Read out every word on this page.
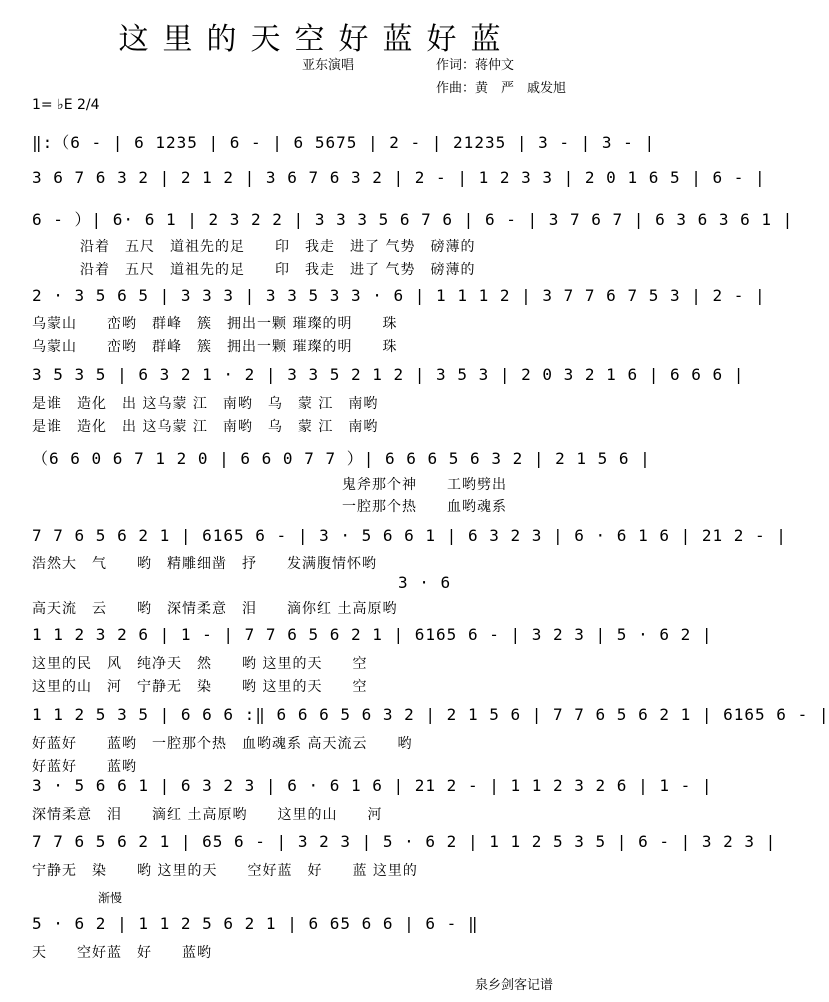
这里的天空好蓝好蓝
亚东演唱	作词：蒋仲文
作曲：黄　严　戚发旭
1= ♭E 2/4
‖:（6 - | 6 1235 | 6 - | 6 5675 | 2 - | 21235 | 3 - | 3 - |
3 6 7 6 3 2 | 2 1 2 | 3 6 7 6 3 2 | 2 - | 1 2 3 3 | 2 0 1 6 5 | 6 - |
6 - ）| 6· 6 1 | 2 3 2 2 | 3 3 3 5 6 7 6 | 6 - | 3 7 6 7 | 6 3 6 3 6 1 |
沿着　五尺　道祖先的足　　印　我走　进了 气势　磅薄的
沿着　五尺　道祖先的足　　印　我走　进了 气势　磅薄的
2 · 3 5 6 5 | 3 3 3 | 3 3 5 3 3 · 6 | 1 1 1 2 | 3 7 7 6 7 5 3 | 2 - |
乌蒙山　　峦哟　群峰　簇　拥出一颗 璀璨的明　　珠
乌蒙山　　峦哟　群峰　簇　拥出一颗 璀璨的明　　珠
3 5 3 5 | 6 3 2 1 · 2 | 3 3 5 2 1 2 | 3 5 3 | 2 0 3 2 1 6 | 6 6 6 |
是谁　造化　出 这乌蒙 江　南哟　乌　蒙 江　南哟
是谁　造化　出 这乌蒙 江　南哟　乌　蒙 江　南哟
（6 6 0 6 7 1 2 0 | 6 6 0 7 7 ）| 6 6 6 5 6 3 2 | 2 1 5 6 |
鬼斧那个神　　工哟劈出
一腔那个热　　血哟魂系
7 7 6 5 6 2 1 | 6165 6 - | 3 · 5 6 6 1 | 6 3 2 3 | 6 · 6 1 6 | 21 2 - |
浩然大　气　　哟　精雕细凿　抒　　发满腹情怀哟
3 · 6
高天流　云　　哟　深情柔意　泪　　滴你红 土高原哟
1 1 2 3 2 6 | 1 - | 7 7 6 5 6 2 1 | 6165 6 - | 3 2 3 | 5 · 6 2 |
这里的民　风　纯净天　然　　哟 这里的天　　空
这里的山　河　宁静无　染　　哟 这里的天　　空
1 1 2 5 3 5 | 6 6 6 :‖ 6 6 6 5 6 3 2 | 2 1 5 6 | 7 7 6 5 6 2 1 | 6165 6 - |
好蓝好　　蓝哟　一腔那个热　血哟魂系 高天流云　　哟
好蓝好　　蓝哟
3 · 5 6 6 1 | 6 3 2 3 | 6 · 6 1 6 | 21 2 - | 1 1 2 3 2 6 | 1 - |
深情柔意　泪　　滴红 土高原哟　　这里的山　　河
7 7 6 5 6 2 1 | 65 6 - | 3 2 3 | 5 · 6 2 | 1 1 2 5 3 5 | 6 - | 3 2 3 |
宁静无　染　　哟 这里的天　　空好蓝　好　　蓝 这里的
渐慢
5 · 6 2 | 1 1 2 5 6 2 1 | 6 65 6 6 | 6 - ‖
天　　空好蓝　好　　蓝哟
泉乡剑客记谱
